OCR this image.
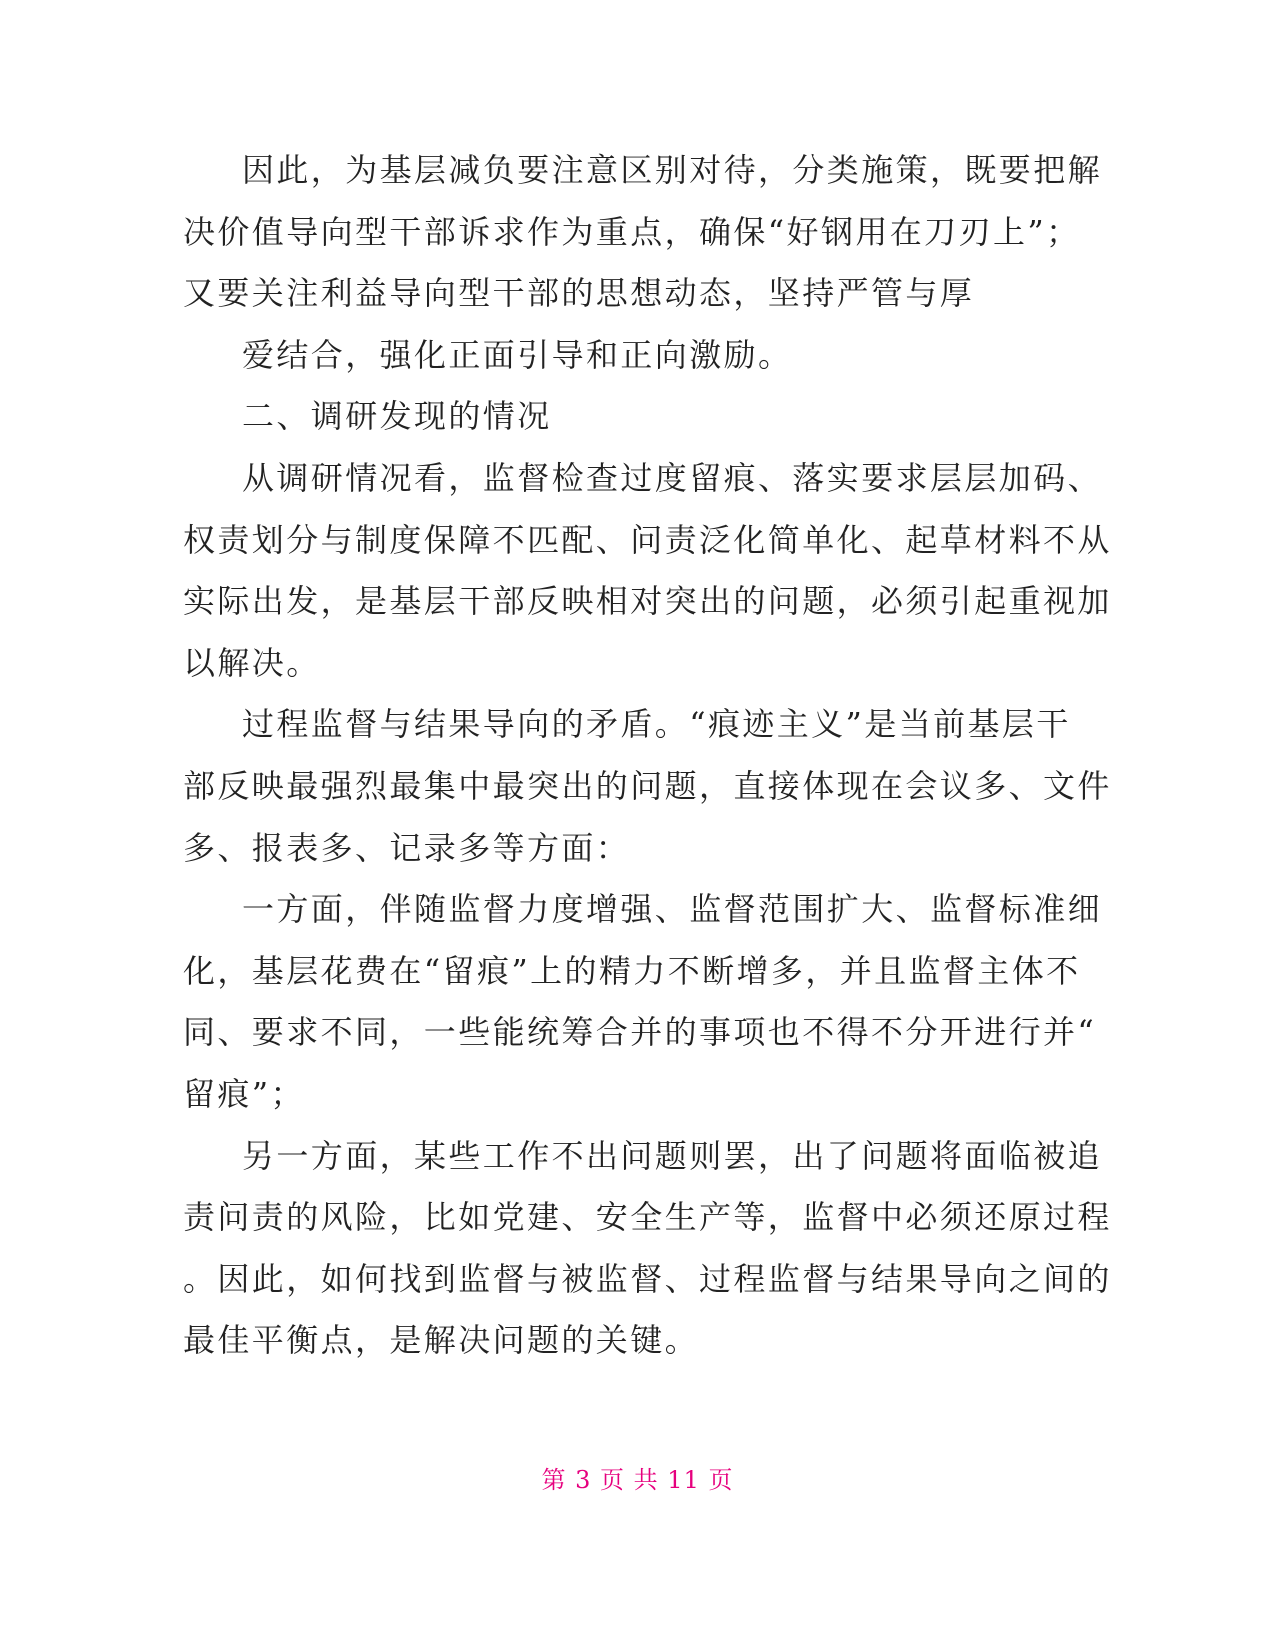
因此，为基层减负要注意区别对待，分类施策，既要把解
决价值导向型干部诉求作为重点，确保“好钢用在刀刃上”；
又要关注利益导向型干部的思想动态，坚持严管与厚
爱结合，强化正面引导和正向激励。
二、调研发现的情况
从调研情况看，监督检查过度留痕、落实要求层层加码、
权责划分与制度保障不匹配、问责泛化简单化、起草材料不从
实际出发，是基层干部反映相对突出的问题，必须引起重视加
以解决。
过程监督与结果导向的矛盾。“痕迹主义”是当前基层干
部反映最强烈最集中最突出的问题，直接体现在会议多、文件
多、报表多、记录多等方面：
一方面，伴随监督力度增强、监督范围扩大、监督标准细
化，基层花费在“留痕”上的精力不断增多，并且监督主体不
同、要求不同，一些能统筹合并的事项也不得不分开进行并“
留痕”；
另一方面，某些工作不出问题则罢，出了问题将面临被追
责问责的风险，比如党建、安全生产等，监督中必须还原过程
。因此，如何找到监督与被监督、过程监督与结果导向之间的
最佳平衡点，是解决问题的关键。
第 3 页 共 11 页
